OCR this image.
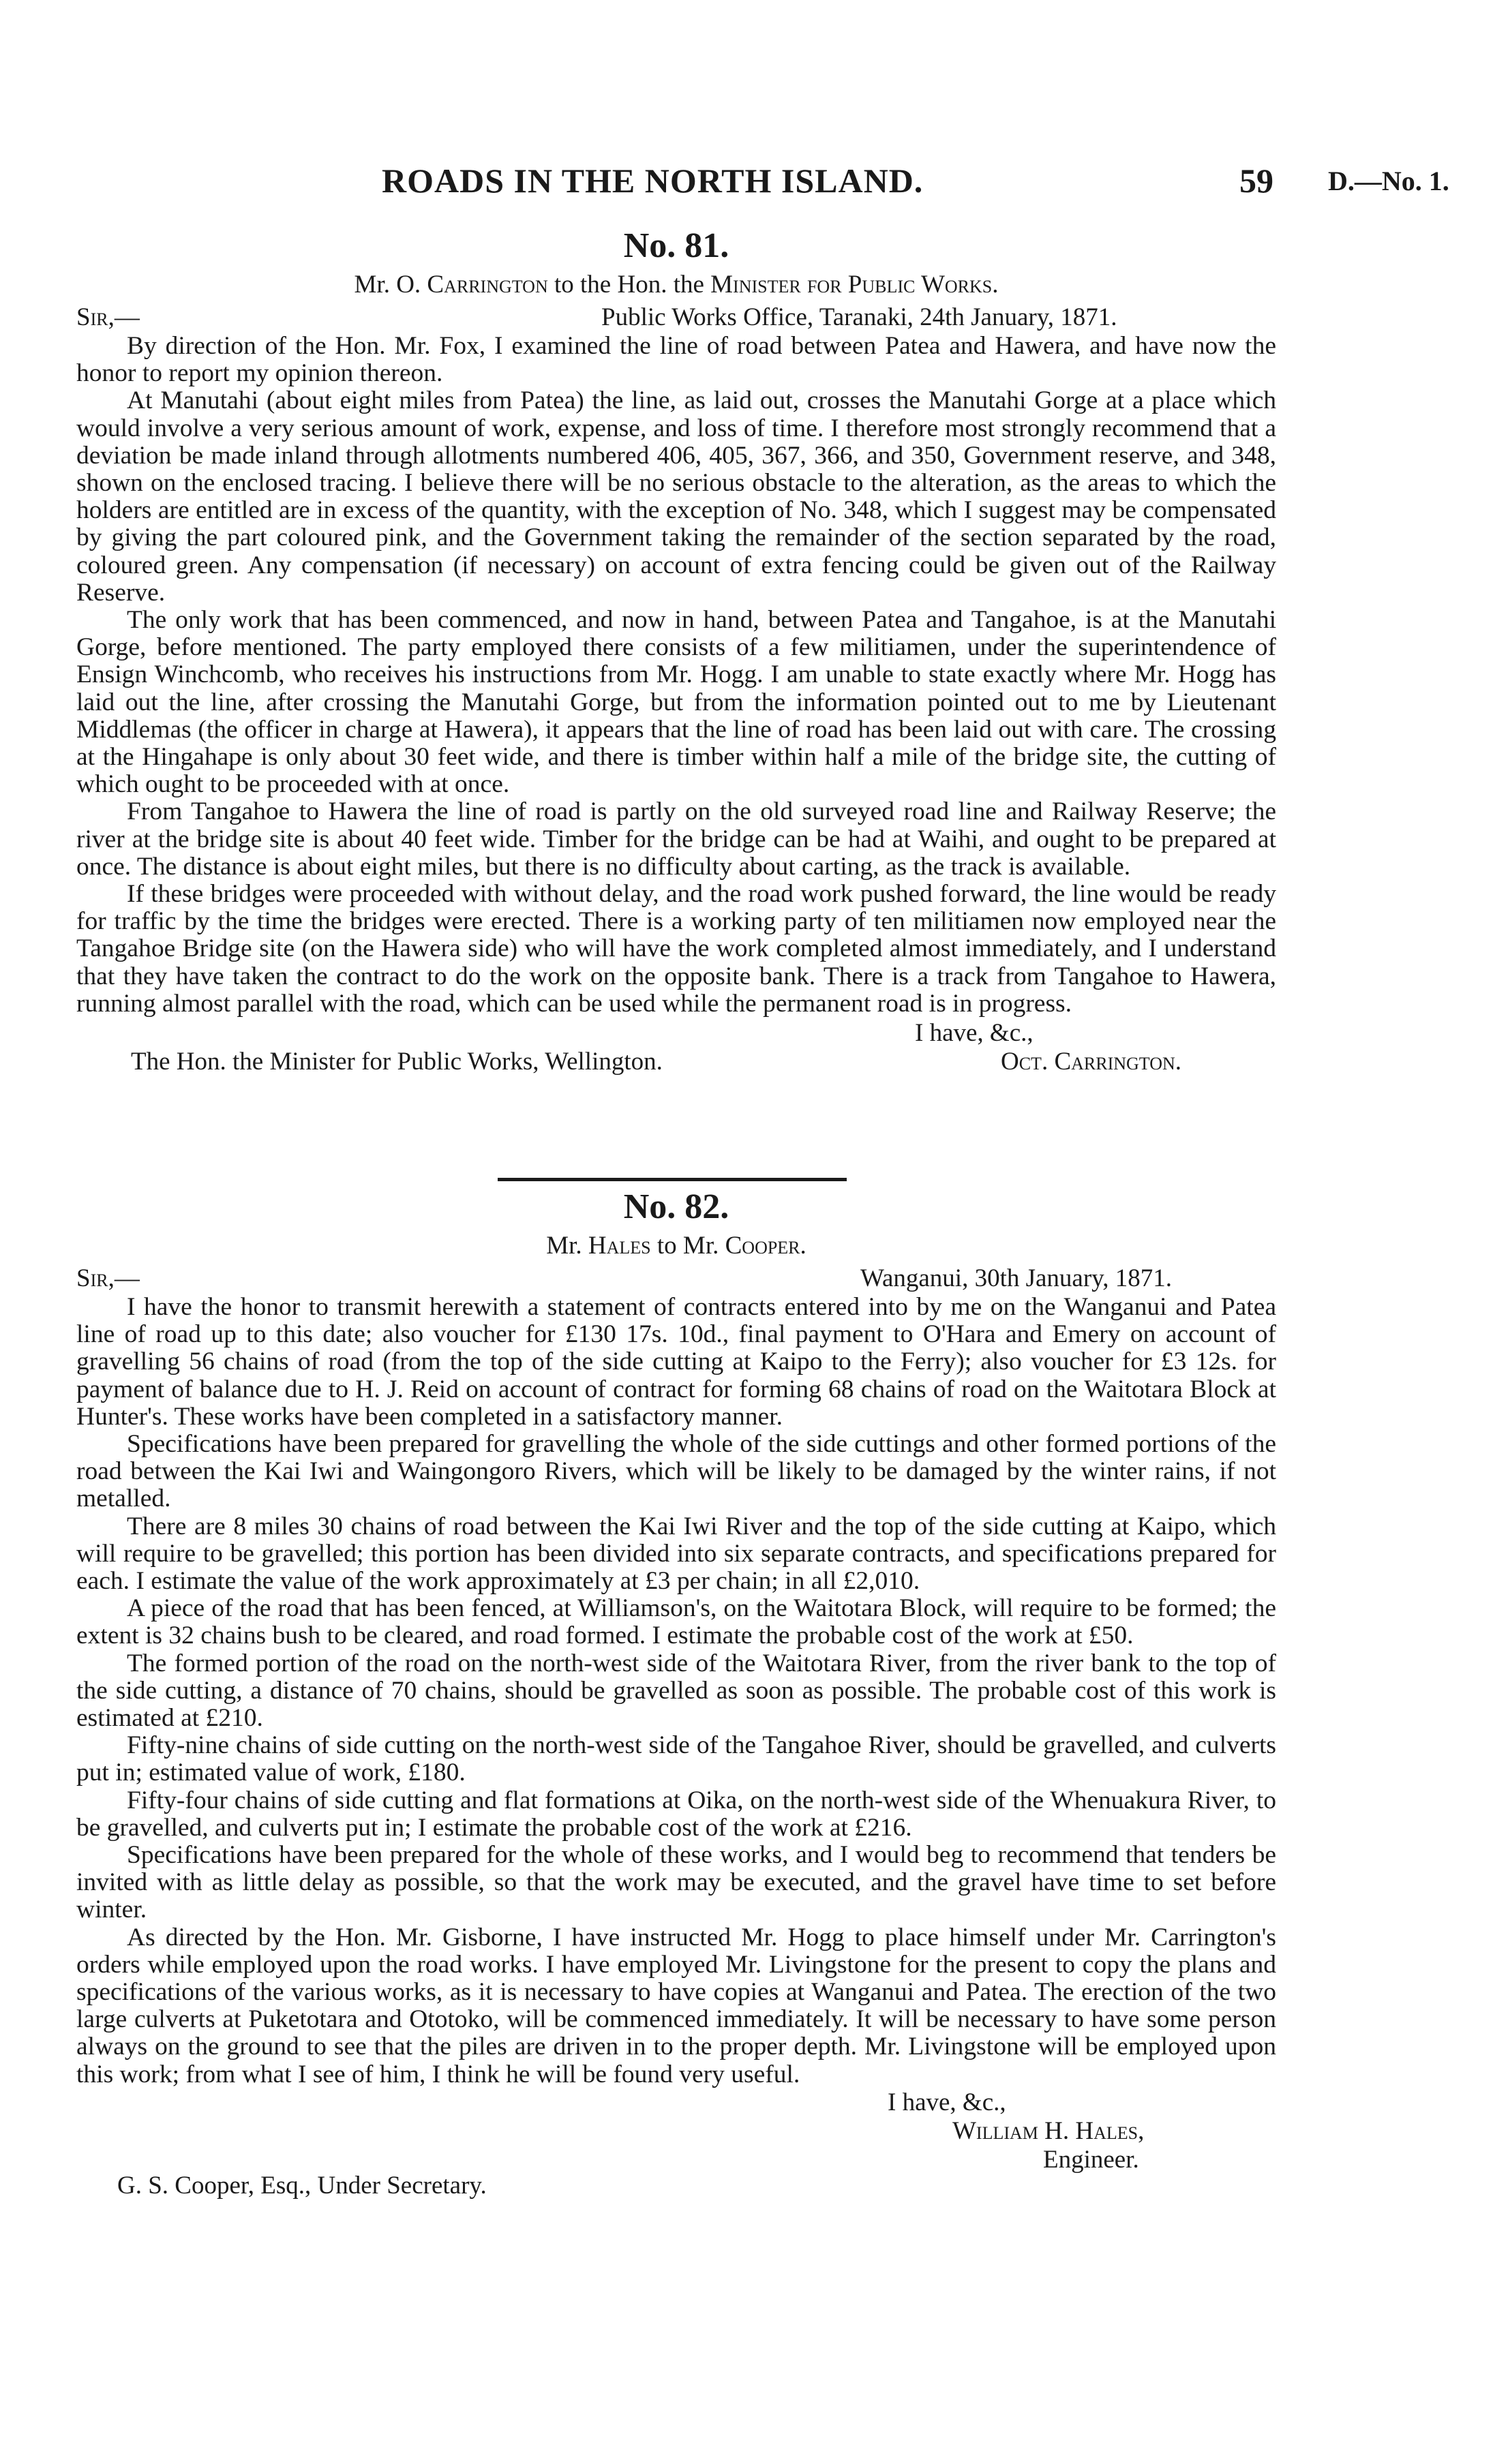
ROADS IN THE NORTH ISLAND.	59 D.—No. 1.
No. 81.
Mr. O. Carrington to the Hon. the Minister for Public Works.
Sir,—	Public Works Office, Taranaki, 24th January, 1871.

By direction of the Hon. Mr. Fox, I examined the line of road between Patea and Hawera, and have now the honor to report my opinion thereon.

At Manutahi (about eight miles from Patea) the line, as laid out, crosses the Manutahi Gorge at a place which would involve a very serious amount of work, expense, and loss of time. I therefore most strongly recommend that a deviation be made inland through allotments numbered 406, 405, 367, 366, and 350, Government reserve, and 348, shown on the enclosed tracing. I believe there will be no serious obstacle to the alteration, as the areas to which the holders are entitled are in excess of the quantity, with the exception of No. 348, which I suggest may be compensated by giving the part coloured pink, and the Government taking the remainder of the section separated by the road, coloured green. Any compensation (if necessary) on account of extra fencing could be given out of the Railway Reserve.

The only work that has been commenced, and now in hand, between Patea and Tangahoe, is at the Manutahi Gorge, before mentioned. The party employed there consists of a few militiamen, under the superintendence of Ensign Winchcomb, who receives his instructions from Mr. Hogg. I am unable to state exactly where Mr. Hogg has laid out the line, after crossing the Manutahi Gorge, but from the information pointed out to me by Lieutenant Middlemas (the officer in charge at Hawera), it appears that the line of road has been laid out with care. The crossing at the Hingahape is only about 30 feet wide, and there is timber within half a mile of the bridge site, the cutting of which ought to be proceeded with at once.

From Tangahoe to Hawera the line of road is partly on the old surveyed road line and Railway Reserve; the river at the bridge site is about 40 feet wide. Timber for the bridge can be had at Waihi, and ought to be prepared at once. The distance is about eight miles, but there is no difficulty about carting, as the track is available.

If these bridges were proceeded with without delay, and the road work pushed forward, the line would be ready for traffic by the time the bridges were erected. There is a working party of ten militiamen now employed near the Tangahoe Bridge site (on the Hawera side) who will have the work completed almost immediately, and I understand that they have taken the contract to do the work on the opposite bank. There is a track from Tangahoe to Hawera, running almost parallel with the road, which can be used while the permanent road is in progress.

I have, &c.,
The Hon. the Minister for Public Works, Wellington.	Oct. Carrington.
No. 82.
Mr. Hales to Mr. Cooper.
Sir,—	Wanganui, 30th January, 1871.

I have the honor to transmit herewith a statement of contracts entered into by me on the Wanganui and Patea line of road up to this date; also voucher for £130 17s. 10d., final payment to O'Hara and Emery on account of gravelling 56 chains of road (from the top of the side cutting at Kaipo to the Ferry); also voucher for £3 12s. for payment of balance due to H. J. Reid on account of contract for forming 68 chains of road on the Waitotara Block at Hunter's. These works have been completed in a satisfactory manner.

Specifications have been prepared for gravelling the whole of the side cuttings and other formed portions of the road between the Kai Iwi and Waingongoro Rivers, which will be likely to be damaged by the winter rains, if not metalled.

There are 8 miles 30 chains of road between the Kai Iwi River and the top of the side cutting at Kaipo, which will require to be gravelled; this portion has been divided into six separate contracts, and specifications prepared for each. I estimate the value of the work approximately at £3 per chain; in all £2,010.

A piece of the road that has been fenced, at Williamson's, on the Waitotara Block, will require to be formed; the extent is 32 chains bush to be cleared, and road formed. I estimate the probable cost of the work at £50.

The formed portion of the road on the north-west side of the Waitotara River, from the river bank to the top of the side cutting, a distance of 70 chains, should be gravelled as soon as possible. The probable cost of this work is estimated at £210.

Fifty-nine chains of side cutting on the north-west side of the Tangahoe River, should be gravelled, and culverts put in; estimated value of work, £180.

Fifty-four chains of side cutting and flat formations at Oika, on the north-west side of the Whenuakura River, to be gravelled, and culverts put in; I estimate the probable cost of the work at £216.

Specifications have been prepared for the whole of these works, and I would beg to recommend that tenders be invited with as little delay as possible, so that the work may be executed, and the gravel have time to set before winter.

As directed by the Hon. Mr. Gisborne, I have instructed Mr. Hogg to place himself under Mr. Carrington's orders while employed upon the road works. I have employed Mr. Livingstone for the present to copy the plans and specifications of the various works, as it is necessary to have copies at Wanganui and Patea. The erection of the two large culverts at Puketotara and Ototoko, will be commenced immediately. It will be necessary to have some person always on the ground to see that the piles are driven in to the proper depth. Mr. Livingstone will be employed upon this work; from what I see of him, I think he will be found very useful.

I have, &c.,
William H. Hales,
Engineer.
G. S. Cooper, Esq., Under Secretary.
